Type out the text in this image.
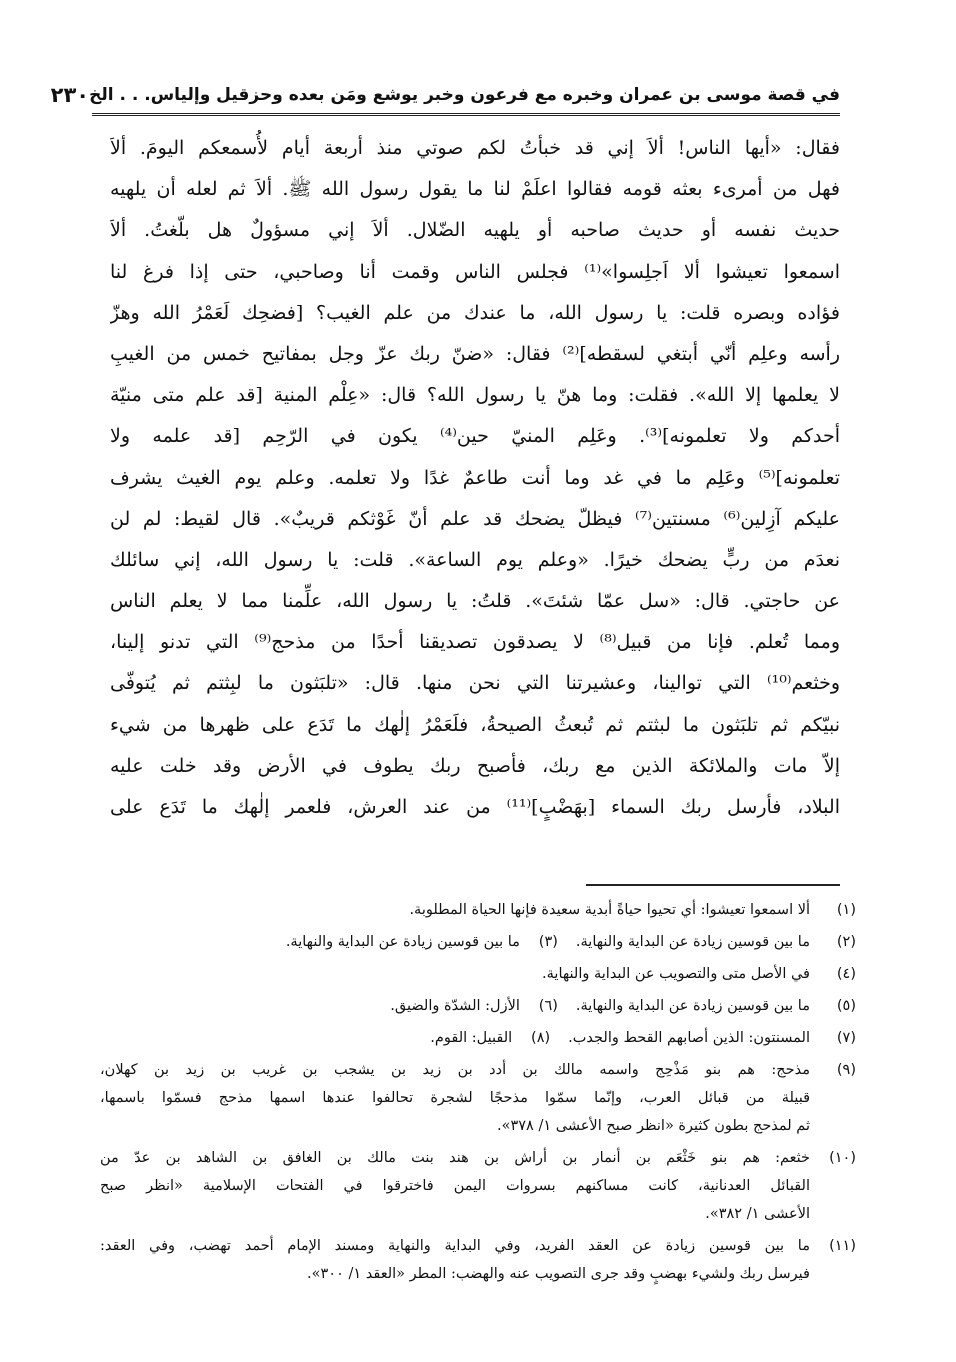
في قصة موسى بن عمران وخبره مع فرعون وخبر يوشع ومَن بعده وحزقيل وإلياس. . . الخ
٢٣٠
فقال: «أيها الناس! ألاَ إني قد خبأتُ لكم صوتي منذ أربعة أيام لأُسمعكم اليومَ. ألاَ
فهل من أمرىء بعثه قومه فقالوا اعلَمْ لنا ما يقول رسول الله ﷺ. ألاَ ثم لعله أن يلهيه
حديث نفسه أو حديث صاحبه أو يلهيه الضّلال. ألاَ إني مسؤولٌ هل بلّغتُ. ألاَ
اسمعوا تعيشوا ألا اَجلِسوا»⁽¹⁾ فجلس الناس وقمت أنا وصاحبي، حتى إذا فرغ لنا
فؤاده وبصره قلت: يا رسول الله، ما عندك من علم الغيب؟ [فضحِك لَعَمْرُ الله وهزّ
رأسه وعلِم أنّي أبتغي لسقطه]⁽²⁾ فقال: «ضنّ ربك عزّ وجل بمفاتيح خمس من الغيبِ
لا يعلمها إلا الله». فقلت: وما هنّ يا رسول الله؟ قال: «عِلْم المنية [قد علم متى منيّة
أحدكم ولا تعلمونه]⁽³⁾. وعَلِم المنيّ حين⁽⁴⁾ يكون في الرّحِم [قد علمه ولا
تعلمونه]⁽⁵⁾ وعَلِم ما في غد وما أنت طاعمٌ غدًا ولا تعلمه. وعلم يوم الغيث يشرف
عليكم آزِلين⁽⁶⁾ مسنتين⁽⁷⁾ فيظلّ يضحك قد علم أنّ غَوْثكم قريبٌ». قال لقيط: لم لن
نعدَم من ربٍّ يضحك خيرًا. «وعلم يوم الساعة». قلت: يا رسول الله، إني سائلك
عن حاجتي. قال: «سل عمّا شئتَ». قلتُ: يا رسول الله، علِّمنا مما لا يعلم الناس
ومما تُعلم. فإنا من قبيل⁽⁸⁾ لا يصدقون تصديقنا أحدًا من مذحج⁽⁹⁾ التي تدنو إلينا،
وخثعم⁽¹⁰⁾ التي توالينا، وعشيرتنا التي نحن منها. قال: «تلبَثون ما لبِثتم ثم يُتوفّى
نبيّكم ثم تلبَثون ما لبثتم ثم تُبعثُ الصيحةُ، فلَعَمْرُ إلٰهك ما تَدَع على ظهرها من شيء
إلاّ مات والملائكة الذين مع ربك، فأصبح ربك يطوف في الأرض وقد خلت عليه
البلاد، فأرسل ربك السماء [بهَضْبٍ]⁽¹¹⁾ من عند العرش، فلعمر إلٰهك ما تَدَع على
(١)
ألا اسمعوا تعيشوا: أي تحيوا حياةً أبدية سعيدة فإنها الحياة المطلوبة.
(٢)
ما بين قوسين زيادة عن البداية والنهاية.
(٣)
ما بين قوسين زيادة عن البداية والنهاية.
(٤)
في الأصل متى والتصويب عن البداية والنهاية.
(٥)
ما بين قوسين زيادة عن البداية والنهاية.
(٦)
الأزل: الشدّة والضيق.
(٧)
المسنتون: الذين أصابهم القحط والجدب.
(٨)
القبيل: القوم.
(٩)
مذحج: هم بنو مَذْحِج واسمه مالك بن أدد بن زيد بن يشجب بن غريب بن زيد بن كهلان،
قبيلة من قبائل العرب، وإنّما سمّوا مذحجًا لشجرة تحالفوا عندها اسمها مذحج فسمّوا باسمها،
ثم لمذحج بطون كثيرة «انظر صبح الأعشى ١/ ٣٧٨».
(١٠)
خثعم: هم بنو خَثْعَم بن أنمار بن أراش بن هند بنت مالك بن الغافق بن الشاهد بن عدّ من
القبائل العدنانية، كانت مساكنهم بسروات اليمن فاخترقوا في الفتحات الإسلامية «انظر صبح
الأعشى ١/ ٣٨٢».
(١١)
ما بين قوسين زيادة عن العقد الفريد، وفي البداية والنهاية ومسند الإمام أحمد تهضب، وفي العقد:
فيرسل ربك ولشيء بهضبٍ وقد جرى التصويب عنه والهضب: المطر «العقد ١/ ٣٠٠».
